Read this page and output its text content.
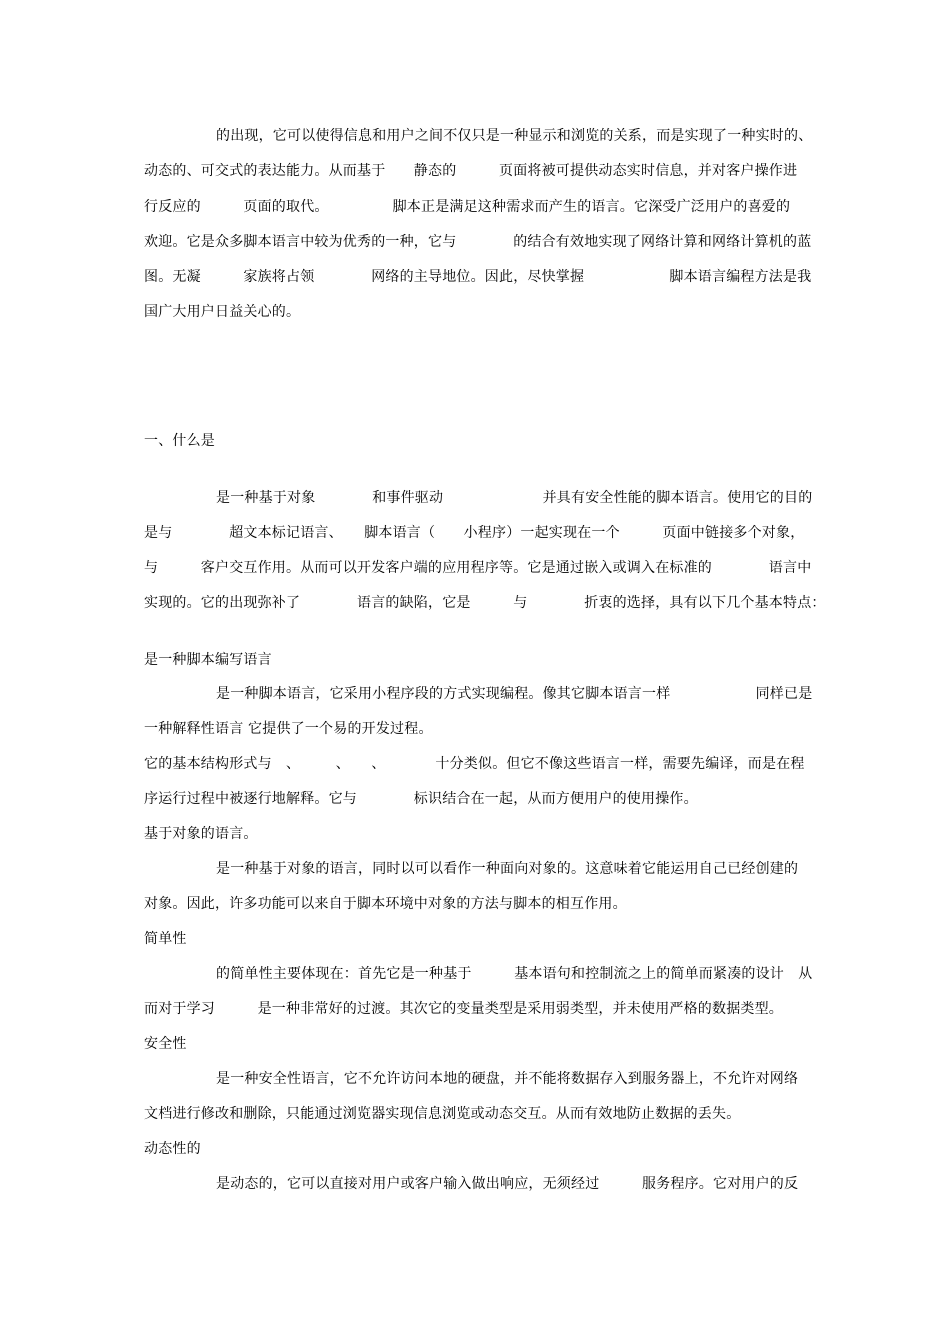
的出现，它可以使得信息和用户之间不仅只是一种显示和浏览的关系，而是实现了一种实时的、
动态的、可交式的表达能力。从而基于　　静态的　　　页面将被可提供动态实时信息，并对客户操作进
行反应的　　　页面的取代。　　　　　脚本正是满足这种需求而产生的语言。它深受广泛用户的喜爱的
欢迎。它是众多脚本语言中较为优秀的一种，它与　　　　的结合有效地实现了网络计算和网络计算机的蓝
图。无凝　　　家族将占领　　　　网络的主导地位。因此，尽快掌握　　　　　　脚本语言编程方法是我
国广大用户日益关心的。
一、什么是
是一种基于对象　　　　和事件驱动　　　　　　　并具有安全性能的脚本语言。使用它的目的
是与　　　　超文本标记语言、　　脚本语言（　　小程序）一起实现在一个　　　页面中链接多个对象，
与　　　客户交互作用。从而可以开发客户端的应用程序等。它是通过嵌入或调入在标准的　　　　语言中
实现的。它的出现弥补了　　　　语言的缺陷，它是　　　与　　　　折衷的选择，具有以下几个基本特点：
是一种脚本编写语言
是一种脚本语言，它采用小程序段的方式实现编程。像其它脚本语言一样　　　　　　同样已是
一种解释性语言 它提供了一个易的开发过程。
它的基本结构形式与　、　　　、　　、　　　　十分类似。但它不像这些语言一样，需要先编译，而是在程
序运行过程中被逐行地解释。它与　　　　标识结合在一起，从而方便用户的使用操作。
基于对象的语言。
是一种基于对象的语言，同时以可以看作一种面向对象的。这意味着它能运用自己已经创建的
对象。因此，许多功能可以来自于脚本环境中对象的方法与脚本的相互作用。
简单性
的简单性主要体现在：首先它是一种基于　　　基本语句和控制流之上的简单而紧凑的设计　从
而对于学习　　　是一种非常好的过渡。其次它的变量类型是采用弱类型，并未使用严格的数据类型。
安全性
是一种安全性语言，它不允许访问本地的硬盘，并不能将数据存入到服务器上，不允许对网络
文档进行修改和删除，只能通过浏览器实现信息浏览或动态交互。从而有效地防止数据的丢失。
动态性的
是动态的，它可以直接对用户或客户输入做出响应，无须经过　　　服务程序。它对用户的反
